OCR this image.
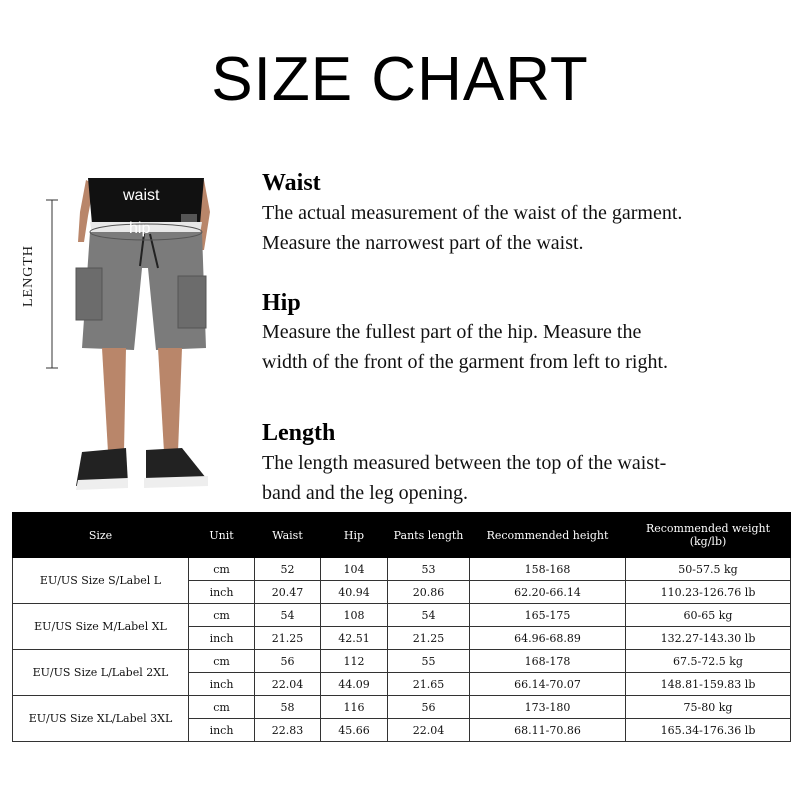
SIZE CHART
LENGTH
waist
hip
Waist
The actual measurement of the waist of the garment.
Measure the narrowest part of the waist.
Hip
Measure the fullest part of the hip. Measure the
width of the front of the garment from left to right.
Length
The length measured between the top of the waist-
band and the leg opening.
Size	Unit	Waist	Hip	Pants length	Recommended height	Recommended weight
(kg/lb)

EU/US Size S/Label L	cm	52	104	53	158-168	50-57.5 kg
	inch	20.47	40.94	20.86	62.20-66.14	110.23-126.76 lb
EU/US Size M/Label XL	cm	54	108	54	165-175	60-65 kg
	inch	21.25	42.51	21.25	64.96-68.89	132.27-143.30 lb
EU/US Size L/Label 2XL	cm	56	112	55	168-178	67.5-72.5 kg
	inch	22.04	44.09	21.65	66.14-70.07	148.81-159.83 lb
EU/US Size XL/Label 3XL	cm	58	116	56	173-180	75-80 kg
	inch	22.83	45.66	22.04	68.11-70.86	165.34-176.36 lb
